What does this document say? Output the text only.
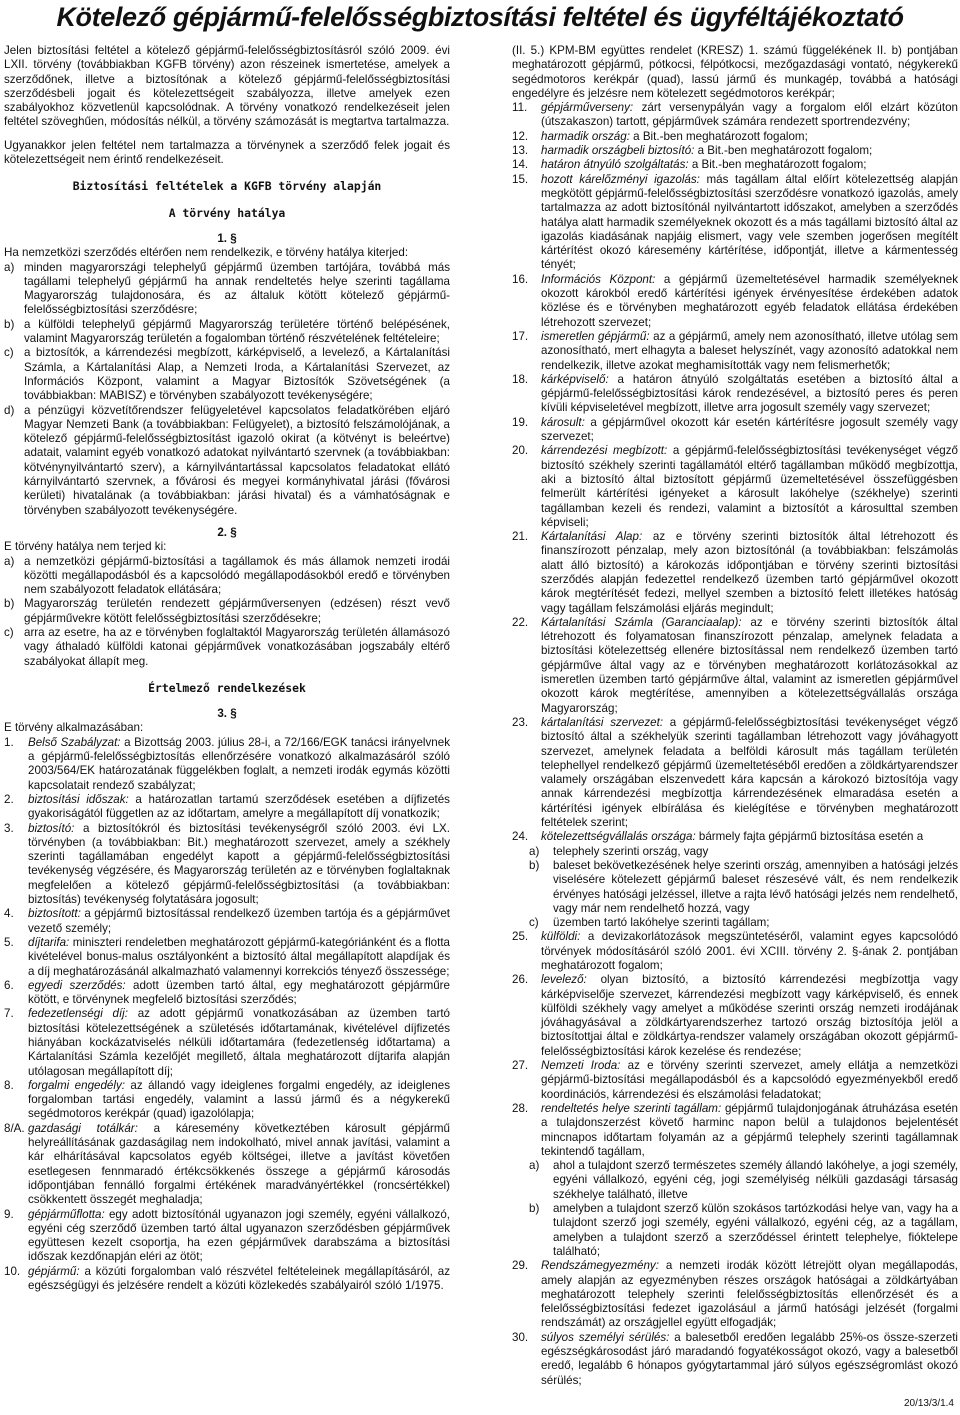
Kötelező gépjármű-felelősségbiztosítási feltétel és ügyféltájékoztató

Jelen biztosítási feltétel a kötelező gépjármű-felelősségbiztosításról szóló 2009. évi LXII. törvény (továbbiakban KGFB törvény) azon részeinek ismertetése, amelyek a szerződőnek, illetve a biztosítónak a kötelező gépjármű-felelősségbiztosítási szerződésbeli jogait és kötelezettségeit szabályozza, illetve amelyek ezen szabályokhoz közvetlenül kapcsolódnak. A törvény vonatkozó rendelkezéseit jelen feltétel szöveghűen, módosítás nélkül, a törvény számozását is megtartva tartalmazza.

Ugyanakkor jelen feltétel nem tartalmazza a törvénynek a szerződő felek jogait és kötelezettségeit nem érintő rendelkezéseit.

Biztosítási feltételek a KGFB törvény alapján
A törvény hatálya
1. §
Ha nemzetközi szerződés eltérően nem rendelkezik, e törvény hatálya kiterjed:
a) minden magyarországi telephelyű gépjármű üzemben tartójára, továbbá más tagállami telephelyű gépjármű ha annak rendeltetés helye szerinti tagállama Magyarország tulajdonosára, és az általuk kötött kötelező gépjármű-felelősségbiztosítási szerződésre;
b) a külföldi telephelyű gépjármű Magyarország területére történő belépésének, valamint Magyarország területén a fogalomban történő részvételének feltételeire;
c) a biztosítók, a kárrendezési megbízott, kárképviselő, a levelező, a Kártalanítási Számla, a Kártalanítási Alap, a Nemzeti Iroda, a Kártalanítási Szervezet, az Információs Központ, valamint a Magyar Biztosítók Szövetségének (a továbbiakban: MABISZ) e törvényben szabályozott tevékenységére;
d) a pénzügyi közvetítőrendszer felügyeletével kapcsolatos feladatkörében eljáró Magyar Nemzeti Bank (a továbbiakban: Felügyelet), a biztosító felszámolójának, a kötelező gépjármű-felelősségbiztosítást igazoló okirat (a kötvényt is beleértve) adatait, valamint egyéb vonatkozó adatokat nyilvántartó szervnek (a továbbiakban: kötvénynyilvántartó szerv), a kárnyilvántartással kapcsolatos feladatokat ellátó kárnyilvántartó szervnek, a fővárosi és megyei kormányhivatal járási (fővárosi kerületi) hivatalának (a továbbiakban: járási hivatal) és a vámhatóságnak e törvényben szabályozott tevékenységére.
2. §
E törvény hatálya nem terjed ki:
a) a nemzetközi gépjármű-biztosítási a tagállamok és más államok nemzeti irodái közötti megállapodásból és a kapcsolódó megállapodásokból eredő e törvényben nem szabályozott feladatok ellátására;
b) Magyarország területén rendezett gépjárműversenyen (edzésen) részt vevő gépjárművekre kötött felelősségbiztosítási szerződésekre;
c) arra az esetre, ha az e törvényben foglaltaktól Magyarország területén államásozó vagy áthaladó külföldi katonai gépjárművek vonatkozásában jogszabály eltérő szabályokat állapít meg.
Értelmező rendelkezések
3. §
E törvény alkalmazásában:
1.	Belső Szabályzat: a Bizottság 2003. július 28-i, a 72/166/EGK tanácsi irányelvnek a gépjármű-felelősségbiztosítás ellenőrzésére vonatkozó alkalmazásáról szóló 2003/564/EK határozatának függelékben foglalt, a nemzeti irodák egymás közötti kapcsolatait rendező szabályzat;
2.	biztosítási időszak: a határozatlan tartamú szerződések esetében a díjfizetés gyakoriságától független az az időtartam, amelyre a megállapított díj vonatkozik;
3.	biztosító: a biztosítókról és biztosítási tevékenységről szóló 2003. évi LX. törvényben (a továbbiakban: Bit.) meghatározott szervezet, amely a székhely szerinti tagállamában engedélyt kapott a gépjármű-felelősségbiztosítási tevékenység végzésére, és Magyarország területén az e törvényben foglaltaknak megfelelően a kötelező gépjármű-felelősségbiztosítási (a továbbiakban: biztosítás) tevékenység folytatására jogosult;
4.	biztosított: a gépjármű biztosítással rendelkező üzemben tartója és a gépjárművet vezető személy;
5.	díjtarifa: miniszteri rendeletben meghatározott gépjármű-kategóriánként és a flotta kivételével bonus-malus osztályonként a biztosító által megállapított alapdíjak és a díj meghatározásánál alkalmazható valamennyi korrekciós tényező összessége;
6.	egyedi szerződés: adott üzemben tartó által, egy meghatározott gépjárműre kötött, e törvénynek megfelelő biztosítási szerződés;
7.	fedezetlenségi díj: az adott gépjármű vonatkozásában az üzemben tartó biztosítási kötelezettségének a születésés időtartamának, kivételével díjfizetés hiányában kockázatviselés nélküli időtartamára (fedezetlenség időtartama) a Kártalanítási Számla kezelőjét megillető, általa meghatározott díjtarifa alapján utólagosan megállapított díj;
8.	forgalmi engedély: az állandó vagy ideiglenes forgalmi engedély, az ideiglenes forgalomban tartási engedély, valamint a lassú jármű és a négykerekű segédmotoros kerékpár (quad) igazolólapja;
8/A. gazdasági totálkár: a káresemény következtében károsult gépjármű helyreállításának gazdaságilag nem indokolható, mivel annak javítási, valamint a kár elhárításával kapcsolatos egyéb költségei, illetve a javítást követően esetlegesen fennmaradó értékcsökkenés összege a gépjármű károsodás időpontjában fennálló forgalmi értékének maradványértékkel (roncsértékkel) csökkentett összegét meghaladja;
9.	gépjárműflotta: egy adott biztosítónál ugyanazon jogi személy, egyéni vállalkozó, egyéni cég szerződő üzemben tartó által ugyanazon szerződésben gépjárművek együttesen kezelt csoportja, ha ezen gépjárművek darabszáma a biztosítási időszak kezdőnapján eléri az ötöt;
10. gépjármű: a közúti forgalomban való részvétel feltételeinek megállapításáról, az egészségügyi és jelzésére rendelt a közúti közlekedés szabályairól szóló 1/1975.
(II. 5.) KPM-BM együttes rendelet (KRESZ) 1. számú függelékének II. b) pontjában meghatározott gépjármű, pótkocsi, félpótkocsi, mezőgazdasági vontató, négykerekű segédmotoros kerékpár (quad), lassú jármű és munkagép, továbbá a hatósági engedélyre és jelzésre nem kötelezett segédmotoros kerékpár;
11.	gépjárműverseny: zárt versenypályán vagy a forgalom elől elzárt közúton (útszakaszon) tartott, gépjárművek számára rendezett sportrendezvény;
12.	harmadik ország: a Bit.-ben meghatározott fogalom;
13.	harmadik országbeli biztosító: a Bit.-ben meghatározott fogalom;
14.	határon átnyúló szolgáltatás: a Bit.-ben meghatározott fogalom;
15.	hozott kárelőzményi igazolás: más tagállam által előírt kötelezettség alapján megkötött gépjármű-felelősségbiztosítási szerződésre vonatkozó igazolás, amely tartalmazza az adott biztosítónál nyilvántartott időszakot, amelyben a szerződés hatálya alatt harmadik személyeknek okozott és a más tagállami biztosító által az igazolás kiadásának napjáig elismert, vagy vele szemben jogerősen megítélt kártérítést okozó káresemény kártérítése, időpontját, illetve a kármentesség tényét;
16.	Információs Központ: a gépjármű üzemeltetésével harmadik személyeknek okozott károkból eredő kártérítési igények érvényesítése érdekében adatok közlése és e törvényben meghatározott egyéb feladatok ellátása érdekében létrehozott szervezet;
17.	ismeretlen gépjármű: az a gépjármű, amely nem azonosítható, illetve utólag sem azonosítható, mert elhagyta a baleset helyszínét, vagy azonosító adatokkal nem rendelkezik, illetve azokat meghamisították vagy nem felismerhetők;
18.	kárképviselő: a határon átnyúló szolgáltatás esetében a biztosító által a gépjármű-felelősségbiztosítási károk rendezésével, a biztosító peres és peren kívüli képviseletével megbízott, illetve arra jogosult személy vagy szervezet;
19.	károsult: a gépjárművel okozott kár esetén kártérítésre jogosult személy vagy szervezet;
20.	kárrendezési megbízott: a gépjármű-felelősségbiztosítási tevékenységet végző biztosító székhely szerinti tagállamától eltérő tagállamban működő megbízottja, aki a biztosító által biztosított gépjármű üzemeltetésével összefüggésben felmerült kártérítési igényeket a károsult lakóhelye (székhelye) szerinti tagállamban kezeli és rendezi, valamint a biztosítót a károsulttal szemben képviseli;
21.	Kártalanítási Alap: az e törvény szerinti biztosítók által létrehozott és finanszírozott pénzalap, mely azon biztosítónál (a továbbiakban: felszámolás alatt álló biztosító) a károkozás időpontjában e törvény szerinti biztosítási szerződés alapján fedezettel rendelkező üzemben tartó gépjárművel okozott károk megtérítését fedezi, mellyel szemben a biztosító felett illetékes hatóság vagy tagállam felszámolási eljárás megindult;
22.	Kártalanítási Számla (Garanciaalap): az e törvény szerinti biztosítók által létrehozott és folyamatosan finanszírozott pénzalap, amelynek feladata a biztosítási kötelezettség ellenére biztosítással nem rendelkező üzemben tartó gépjárműve által vagy az e törvényben meghatározott korlátozásokkal az ismeretlen üzemben tartó gépjárműve által, valamint az ismeretlen gépjárművel okozott károk megtérítése, amennyiben a kötelezettségvállalás országa Magyarország;
23.	kártalanítási szervezet: a gépjármű-felelősségbiztosítási tevékenységet végző biztosító által a székhelyük szerinti tagállamban létrehozott vagy jóváhagyott szervezet, amelynek feladata a belföldi károsult más tagállam területén telephellyel rendelkező gépjármű üzemeltetéséből eredően a zöldkártyarendszer valamely országában elszenvedett kára kapcsán a károkozó biztosítója vagy annak kárrendezési megbízottja kárrendezésének elmaradása esetén a kártérítési igények elbírálása és kielégítése e törvényben meghatározott feltételek szerint;
24.	kötelezettségvállalás országa: bármely fajta gépjármű biztosítása esetén a
a)	telephely szerinti ország, vagy
b)	baleset bekövetkezésének helye szerinti ország, amennyiben a hatósági jelzés viselésére kötelezett gépjármű baleset részesévé vált, és nem rendelkezik érvényes hatósági jelzéssel, illetve a rajta lévő hatósági jelzés nem rendelhető, vagy már nem rendelhető hozzá, vagy
c)	üzemben tartó lakóhelye szerinti tagállam;
25.	külföldi: a devizakorlátozások megszüntetéséről, valamint egyes kapcsolódó törvények módosításáról szóló 2001. évi XCIII. törvény 2. §-ának 2. pontjában meghatározott fogalom;
26.	levelező: olyan biztosító, a biztosító kárrendezési megbízottja vagy kárképviselője szervezet, kárrendezési megbízott vagy kárképviselő, és ennek külföldi székhely vagy amelyet a működése szerinti ország nemzeti irodájának jóváhagyásával a zöldkártyarendszerhez tartozó ország biztosítója jelöl a biztosítottjai által e zöldkártya-rendszer valamely országában okozott gépjármű-felelősségbiztosítási károk kezelése és rendezése;
27.	Nemzeti Iroda: az e törvény szerinti szervezet, amely ellátja a nemzetközi gépjármű-biztosítási megállapodásból és a kapcsolódó egyezményekből eredő koordinációs, kárrendezési és elszámolási feladatokat;
28.	rendeltetés helye szerinti tagállam: gépjármű tulajdonjogának átruházása esetén a tulajdonszerzést követő harminc napon belül a tulajdonos bejelentését mincnapos időtartam folyamán az a gépjármű telephely szerinti tagállamnak tekintendő tagállam,
a)	ahol a tulajdont szerző természetes személy állandó lakóhelye, a jogi személy, egyéni vállalkozó, egyéni cég, jogi személyiség nélküli gazdasági társaság székhelye található, illetve
b)	amelyben a tulajdont szerző külön szokásos tartózkodási helye van, vagy ha a tulajdont szerző jogi személy, egyéni vállalkozó, egyéni cég, az a tagállam, amelyben a tulajdont szerző a szerződéssel érintett telephelye, fióktelepe található;
29.	Rendszámegyezmény: a nemzeti irodák között létrejött olyan megállapodás, amely alapján az egyezményben részes országok hatóságai a zöldkártyában meghatározott telephely szerinti felelősségbiztosítás ellenőrzését és a felelősségbiztosítási fedezet igazolásául a jármű hatósági jelzését (forgalmi rendszámát) az országjellel együtt elfogadják;
30.	súlyos személyi sérülés: a balesetből eredően legalább 25%-os össze-szerzeti egészségkárosodást járó maradandó fogyatékosságot okozó, vagy a balesetből eredő, legalább 6 hónapos gyógytartammal járó súlyos egészségromlást okozó sérülés;
20/13/3/1.4
